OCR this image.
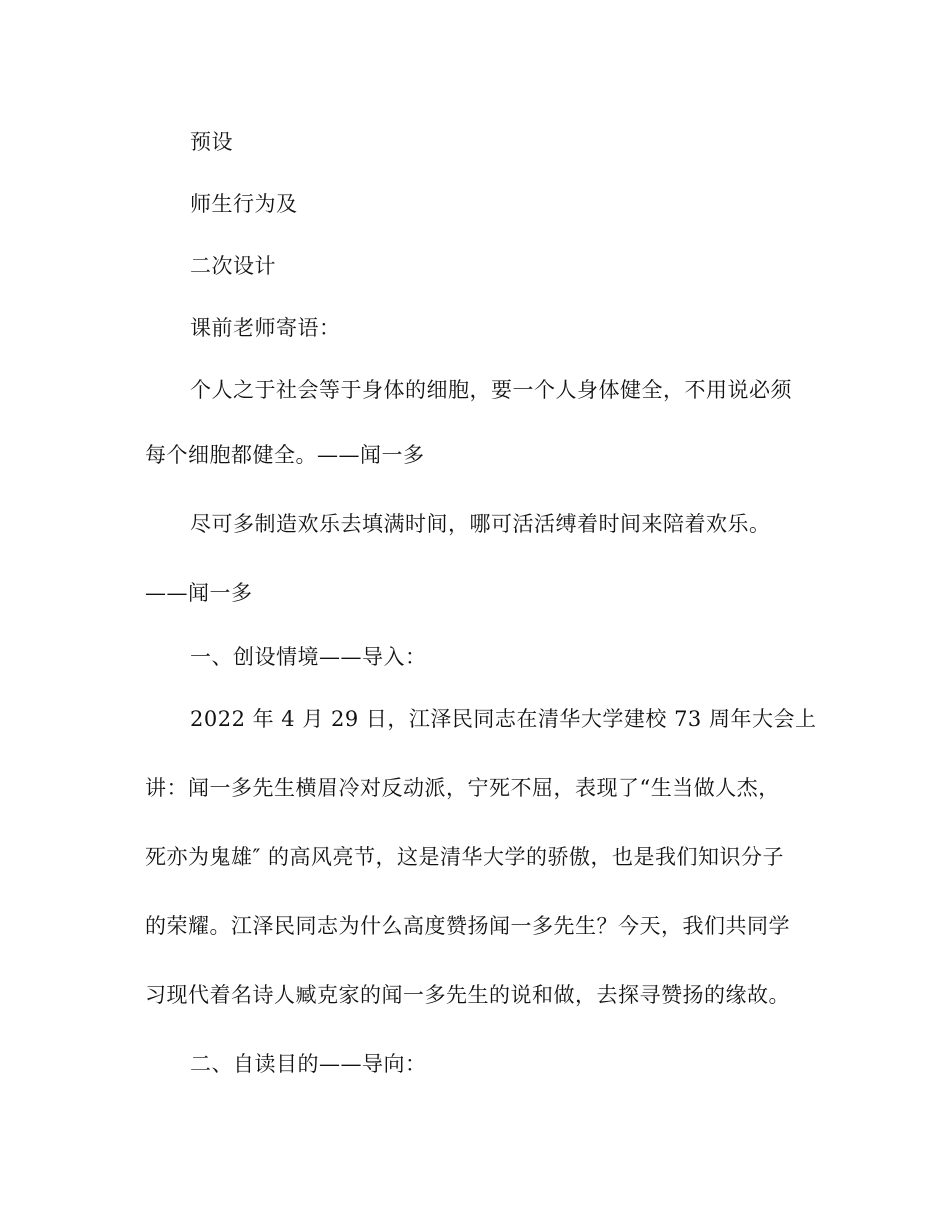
预设
师生行为及
二次设计
课前老师寄语：
个人之于社会等于身体的细胞，要一个人身体健全，不用说必须
每个细胞都健全。——闻一多
尽可多制造欢乐去填满时间，哪可活活缚着时间来陪着欢乐。
——闻一多
一、创设情境——导入：
2022 年 4 月 29 日，江泽民同志在清华大学建校 73 周年大会上
讲：闻一多先生横眉冷对反动派，宁死不屈，表现了“生当做人杰，
死亦为鬼雄″ 的高风亮节，这是清华大学的骄傲，也是我们知识分子
的荣耀。江泽民同志为什么高度赞扬闻一多先生？今天，我们共同学
习现代着名诗人臧克家的闻一多先生的说和做，去探寻赞扬的缘故。
二、自读目的——导向：
